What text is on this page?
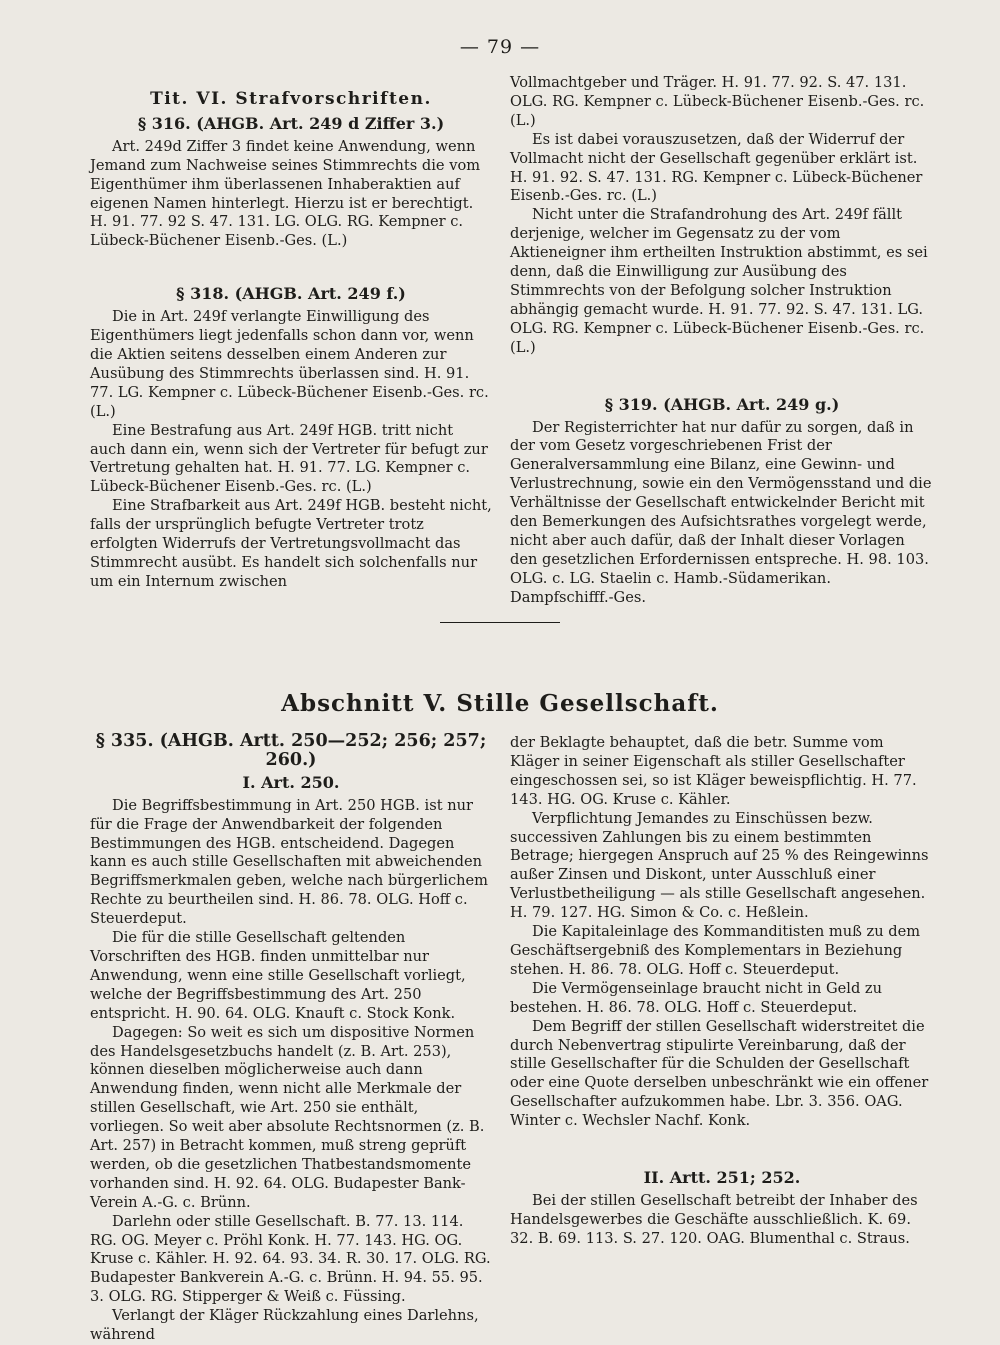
— 79 —
Tit. VI. Strafvorschriften.
§ 316. (AHGB. Art. 249 d Ziffer 3.)

Art. 249d Ziffer 3 findet keine Anwendung, wenn Jemand zum Nachweise seines Stimmrechts die vom Eigenthümer ihm überlassenen Inhaberaktien auf eigenen Namen hinterlegt. Hierzu ist er berechtigt. H. 91. 77. 92 S. 47. 131. LG. OLG. RG. Kempner c. Lübeck-Büchener Eisenb.-Ges. (L.)

§ 318. (AHGB. Art. 249 f.)

Die in Art. 249f verlangte Einwilligung des Eigenthümers liegt jedenfalls schon dann vor, wenn die Aktien seitens desselben einem Anderen zur Ausübung des Stimmrechts überlassen sind. H. 91. 77. LG. Kempner c. Lübeck-Büchener Eisenb.-Ges. rc. (L.)

Eine Bestrafung aus Art. 249f HGB. tritt nicht auch dann ein, wenn sich der Vertreter für befugt zur Vertretung gehalten hat. H. 91. 77. LG. Kempner c. Lübeck-Büchener Eisenb.-Ges. rc. (L.)

Eine Strafbarkeit aus Art. 249f HGB. besteht nicht, falls der ursprünglich befugte Vertreter trotz erfolgten Widerrufs der Vertretungsvollmacht das Stimmrecht ausübt. Es handelt sich solchenfalls nur um ein Internum zwischen

Vollmachtgeber und Träger. H. 91. 77. 92. S. 47. 131. OLG. RG. Kempner c. Lübeck-Büchener Eisenb.-Ges. rc. (L.)

Es ist dabei vorauszusetzen, daß der Widerruf der Vollmacht nicht der Gesellschaft gegenüber erklärt ist. H. 91. 92. S. 47. 131. RG. Kempner c. Lübeck-Büchener Eisenb.-Ges. rc. (L.)

Nicht unter die Strafandrohung des Art. 249f fällt derjenige, welcher im Gegensatz zu der vom Aktieneigner ihm ertheilten Instruktion abstimmt, es sei denn, daß die Einwilligung zur Ausübung des Stimmrechts von der Befolgung solcher Instruktion abhängig gemacht wurde. H. 91. 77. 92. S. 47. 131. LG. OLG. RG. Kempner c. Lübeck-Büchener Eisenb.-Ges. rc. (L.)

§ 319. (AHGB. Art. 249 g.)

Der Registerrichter hat nur dafür zu sorgen, daß in der vom Gesetz vorgeschriebenen Frist der Generalversammlung eine Bilanz, eine Gewinn- und Verlustrechnung, sowie ein den Vermögensstand und die Verhältnisse der Gesellschaft entwickelnder Bericht mit den Bemerkungen des Aufsichtsrathes vorgelegt werde, nicht aber auch dafür, daß der Inhalt dieser Vorlagen den gesetzlichen Erfordernissen entspreche. H. 98. 103. OLG. c. LG. Staelin c. Hamb.-Südamerikan. Dampfschifff.-Ges.

Abschnitt V. Stille Gesellschaft.
§ 335. (AHGB. Artt. 250—252; 256; 257; 260.)
I. Art. 250.

Die Begriffsbestimmung in Art. 250 HGB. ist nur für die Frage der Anwendbarkeit der folgenden Bestimmungen des HGB. entscheidend. Dagegen kann es auch stille Gesellschaften mit abweichenden Begriffsmerkmalen geben, welche nach bürgerlichem Rechte zu beurtheilen sind. H. 86. 78. OLG. Hoff c. Steuerdeput.

Die für die stille Gesellschaft geltenden Vorschriften des HGB. finden unmittelbar nur Anwendung, wenn eine stille Gesellschaft vorliegt, welche der Begriffsbestimmung des Art. 250 entspricht. H. 90. 64. OLG. Knauft c. Stock Konk.

Dagegen: So weit es sich um dispositive Normen des Handelsgesetzbuchs handelt (z. B. Art. 253), können dieselben möglicherweise auch dann Anwendung finden, wenn nicht alle Merkmale der stillen Gesellschaft, wie Art. 250 sie enthält, vorliegen. So weit aber absolute Rechtsnormen (z. B. Art. 257) in Betracht kommen, muß streng geprüft werden, ob die gesetzlichen Thatbestandsmomente vorhanden sind. H. 92. 64. OLG. Budapester Bank-Verein A.-G. c. Brünn.

Darlehn oder stille Gesellschaft. B. 77. 13. 114. RG. OG. Meyer c. Pröhl Konk. H. 77. 143. HG. OG. Kruse c. Kähler. H. 92. 64. 93. 34. R. 30. 17. OLG. RG. Budapester Bankverein A.-G. c. Brünn. H. 94. 55. 95. 3. OLG. RG. Stipperger & Weiß c. Füssing.

Verlangt der Kläger Rückzahlung eines Darlehns, während

der Beklagte behauptet, daß die betr. Summe vom Kläger in seiner Eigenschaft als stiller Gesellschafter eingeschossen sei, so ist Kläger beweispflichtig. H. 77. 143. HG. OG. Kruse c. Kähler.

Verpflichtung Jemandes zu Einschüssen bezw. successiven Zahlungen bis zu einem bestimmten Betrage; hiergegen Anspruch auf 25 % des Reingewinns außer Zinsen und Diskont, unter Ausschluß einer Verlustbetheiligung — als stille Gesellschaft angesehen. H. 79. 127. HG. Simon & Co. c. Heßlein.

Die Kapitaleinlage des Kommanditisten muß zu dem Geschäftsergebniß des Komplementars in Beziehung stehen. H. 86. 78. OLG. Hoff c. Steuerdeput.

Die Vermögenseinlage braucht nicht in Geld zu bestehen. H. 86. 78. OLG. Hoff c. Steuerdeput.

Dem Begriff der stillen Gesellschaft widerstreitet die durch Nebenvertrag stipulirte Vereinbarung, daß der stille Gesellschafter für die Schulden der Gesellschaft oder eine Quote derselben unbeschränkt wie ein offener Gesellschafter aufzukommen habe. Lbr. 3. 356. OAG. Winter c. Wechsler Nachf. Konk.

II. Artt. 251; 252.

Bei der stillen Gesellschaft betreibt der Inhaber des Handelsgewerbes die Geschäfte ausschließlich. K. 69. 32. B. 69. 113. S. 27. 120. OAG. Blumenthal c. Straus.
